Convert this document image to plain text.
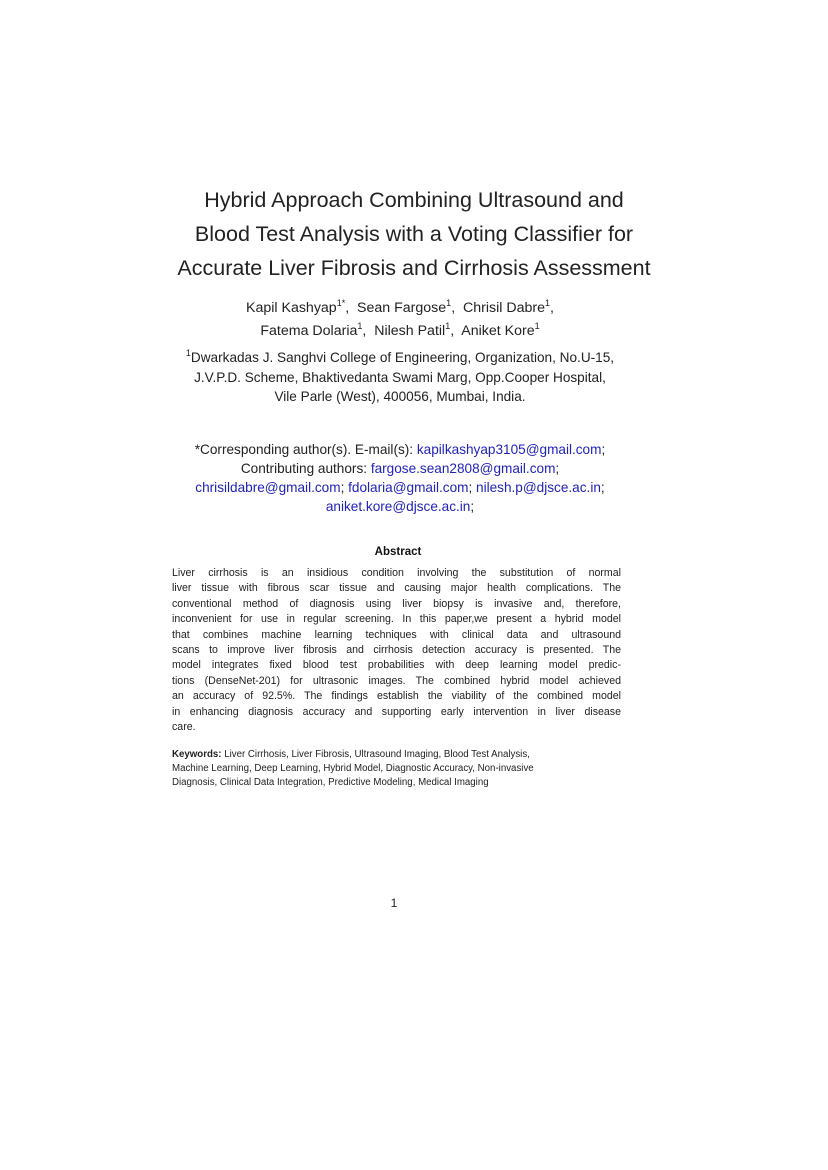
Hybrid Approach Combining Ultrasound and
Blood Test Analysis with a Voting Classifier for
Accurate Liver Fibrosis and Cirrhosis Assessment
Kapil Kashyap$^{1*}$,  Sean Fargose$^1$,  Chrisil Dabre$^1$,
Fatema Dolaria$^1$,  Nilesh Patil$^1$,  Aniket Kore$^1$
$^1$Dwarkadas J. Sanghvi College of Engineering, Organization, No.U-15,
J.V.P.D. Scheme, Bhaktivedanta Swami Marg, Opp.Cooper Hospital,
Vile Parle (West), 400056, Mumbai, India.
*Corresponding author(s). E-mail(s): kapilkashyap3105@gmail.com;
Contributing authors: fargose.sean2808@gmail.com;
chrisildabre@gmail.com; fdolaria@gmail.com; nilesh.p@djsce.ac.in;
aniket.kore@djsce.ac.in;
Abstract
Liver cirrhosis is an insidious condition involving the substitution of normal
liver tissue with fibrous scar tissue and causing major health complications. The
conventional method of diagnosis using liver biopsy is invasive and, therefore,
inconvenient for use in regular screening. In this paper,we present a hybrid model
that combines machine learning techniques with clinical data and ultrasound
scans to improve liver fibrosis and cirrhosis detection accuracy is presented. The
model integrates fixed blood test probabilities with deep learning model predic-
tions (DenseNet-201) for ultrasonic images. The combined hybrid model achieved
an accuracy of 92.5%. The findings establish the viability of the combined model
in enhancing diagnosis accuracy and supporting early intervention in liver disease
care.
Keywords: Liver Cirrhosis, Liver Fibrosis, Ultrasound Imaging, Blood Test Analysis,
Machine Learning, Deep Learning, Hybrid Model, Diagnostic Accuracy, Non-invasive
Diagnosis, Clinical Data Integration, Predictive Modeling, Medical Imaging
1
